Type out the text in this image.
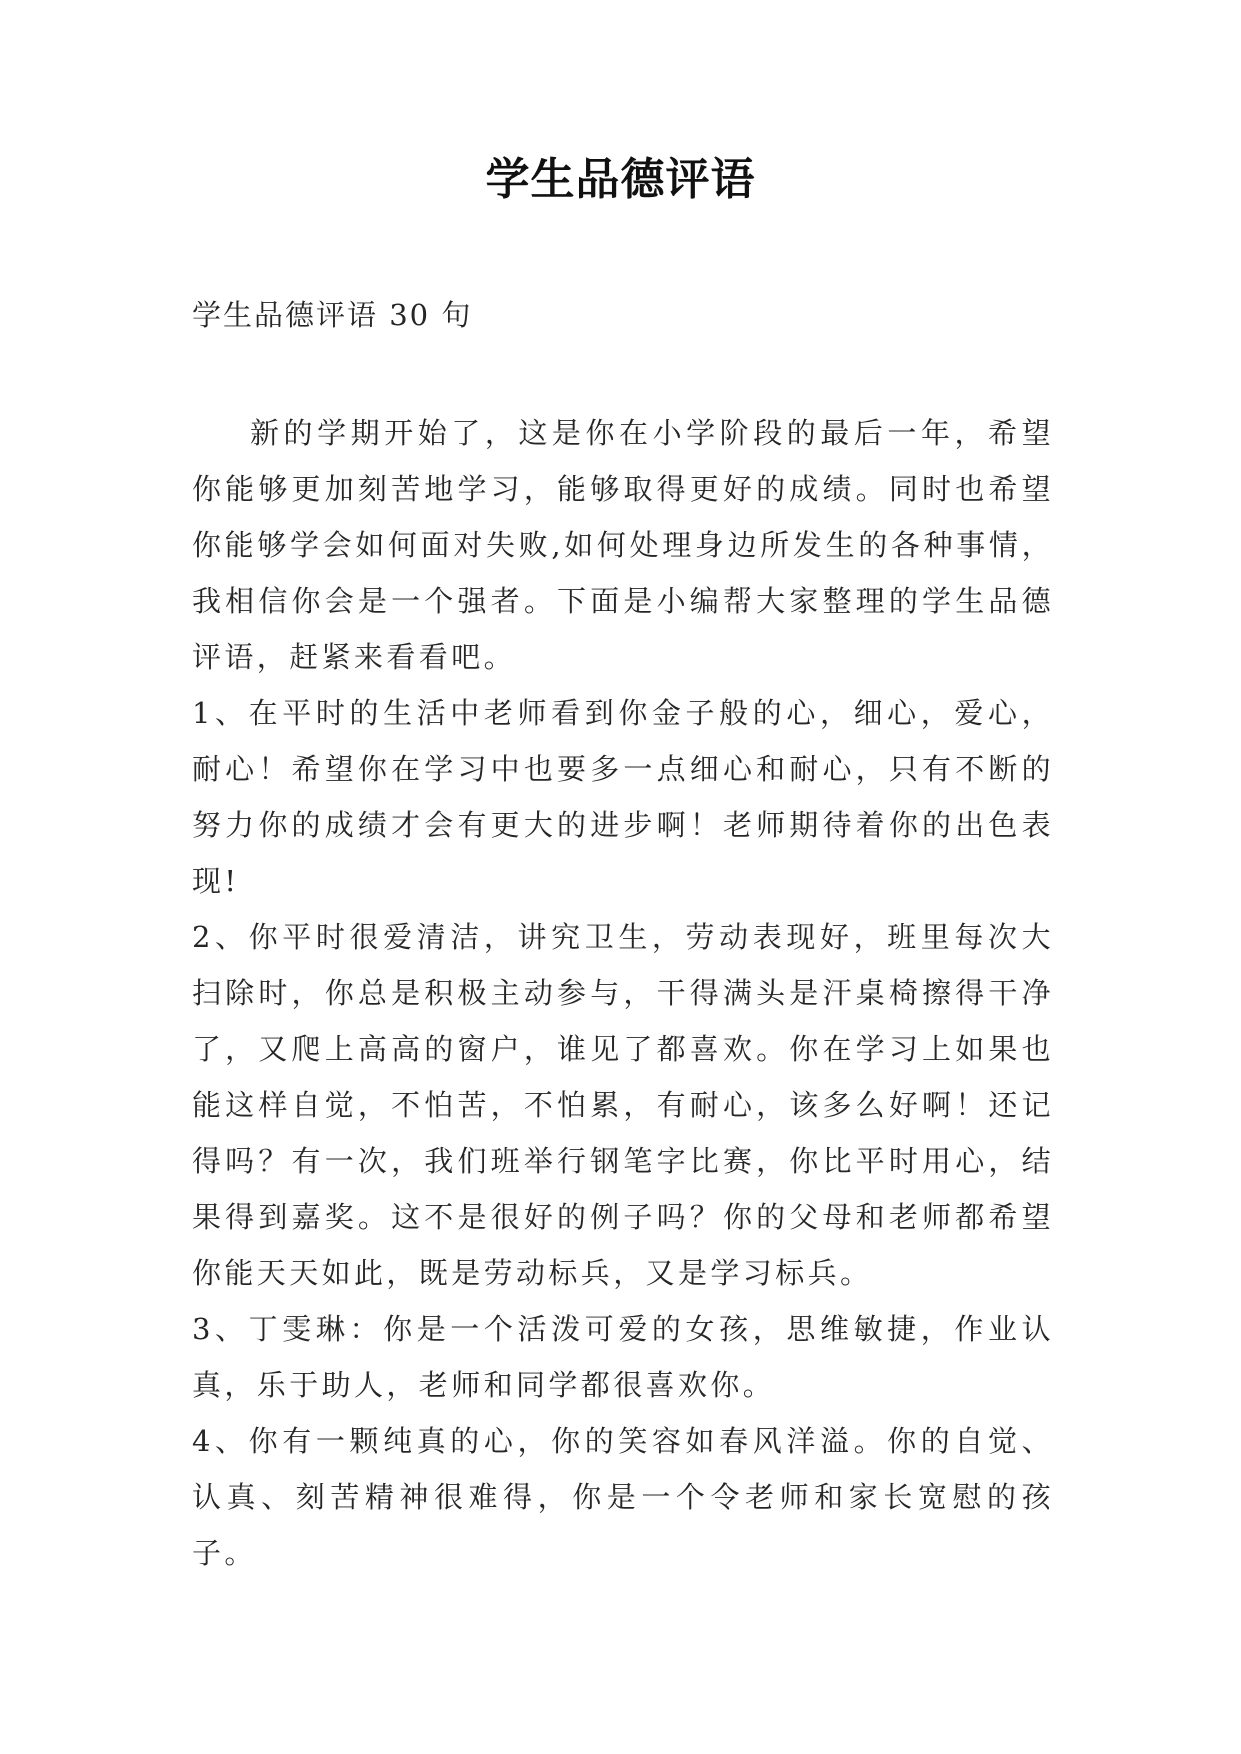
学生品德评语
学生品德评语 30 句

新的学期开始了，这是你在小学阶段的最后一年，希望你能够更加刻苦地学习，能够取得更好的成绩。同时也希望你能够学会如何面对失败,如何处理身边所发生的各种事情，我相信你会是一个强者。下面是小编帮大家整理的学生品德评语，赶紧来看看吧。

1、在平时的生活中老师看到你金子般的心，细心，爱心，耐心！希望你在学习中也要多一点细心和耐心，只有不断的努力你的成绩才会有更大的进步啊！老师期待着你的出色表现!

2、你平时很爱清洁，讲究卫生，劳动表现好，班里每次大扫除时，你总是积极主动参与，干得满头是汗桌椅擦得干净了，又爬上高高的窗户，谁见了都喜欢。你在学习上如果也能这样自觉，不怕苦，不怕累，有耐心，该多么好啊！还记得吗？有一次，我们班举行钢笔字比赛，你比平时用心，结果得到嘉奖。这不是很好的例子吗？你的父母和老师都希望你能天天如此，既是劳动标兵，又是学习标兵。

3、丁雯琳：你是一个活泼可爱的女孩，思维敏捷，作业认真，乐于助人，老师和同学都很喜欢你。

4、你有一颗纯真的心，你的笑容如春风洋溢。你的自觉、认真、刻苦精神很难得，你是一个令老师和家长宽慰的孩子。
